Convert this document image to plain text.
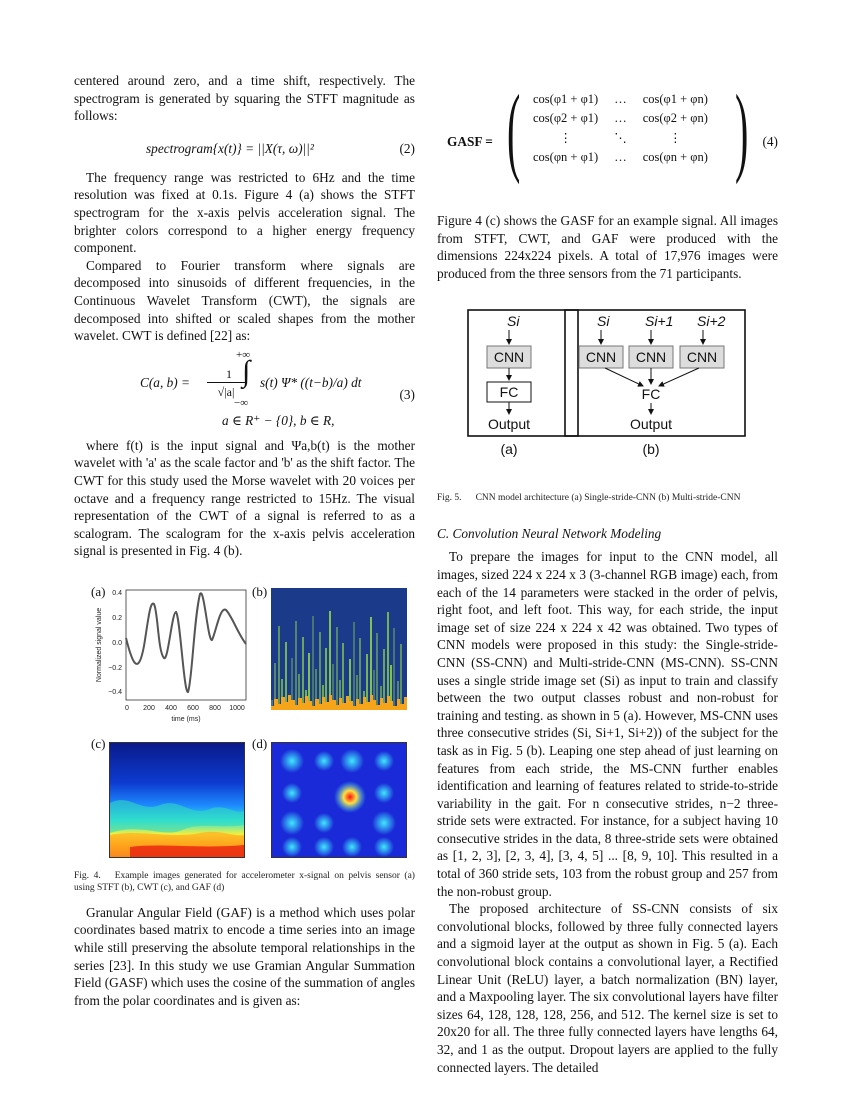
centered around zero, and a time shift, respectively. The spectrogram is generated by squaring the STFT magnitude as follows:

spectrogram{x(t)} = ||X(τ, ω)||²	(2)

The frequency range was restricted to 6Hz and the time resolution was fixed at 0.1s. Figure 4 (a) shows the STFT spectrogram for the x-axis pelvis acceleration signal. The brighter colors correspond to a higher energy frequency component.

Compared to Fourier transform where signals are decomposed into sinusoids of different frequencies, in the Continuous Wavelet Transform (CWT), the signals are decomposed into shifted or scaled shapes from the mother wavelet. CWT is defined [22] as:

C(a, b) =
1
√|a|
+∞
∫
−∞
s(t) Ψ* ((t−b)/a) dt
(3)
a ∈ R⁺ − {0}, b ∈ R,

where f(t) is the input signal and Ψa,b(t) is the mother wavelet with 'a' as the scale factor and 'b' as the shift factor. The CWT for this study used the Morse wavelet with 20 voices per octave and a frequency range restricted to 15Hz. The visual representation of the CWT of a signal is referred to as a scalogram. The scalogram for the x-axis pelvis acceleration signal is presented in Fig. 4 (b).

(a)	(b)
(c)	(d)
0.4
0.2
0.0
−0.2
−0.4
0 200 400 600 800 1000
time (ms)
Normalized signal value
Fig. 4. Example images generated for accelerometer x-signal on pelvis sensor (a) using STFT (b), CWT (c), and GAF (d)

Granular Angular Field (GAF) is a method which uses polar coordinates based matrix to encode a time series into an image while still preserving the absolute temporal relationships in the series [23]. In this study we use Gramian Angular Summation Field (GASF) which uses the cosine of the summation of angles from the polar coordinates and is given as:

GASF = ( cos(φ1 + φ1)	…	cos(φ1 + φn)
cos(φ2 + φ1)	…	cos(φ2 + φn)
⋮	⋱	⋮
cos(φn + φ1)	…	cos(φn + φn) ) (4)

Figure 4 (c) shows the GASF for an example signal. All images from STFT, CWT, and GAF were produced with the dimensions 224x224 pixels. A total of 17,976 images were produced from the three sensors from the 71 participants.

Si
CNN
FC
Output
(a)
Si	Si+1 Si+2
CNN CNN CNN
FC
Output
(b)
Fig. 5. CNN model architecture (a) Single-stride-CNN (b) Multi-stride-CNN
C. Convolution Neural Network Modeling

To prepare the images for input to the CNN model, all images, sized 224 x 224 x 3 (3-channel RGB image) each, from each of the 14 parameters were stacked in the order of pelvis, right foot, and left foot. This way, for each stride, the input image set of size 224 x 224 x 42 was obtained. Two types of CNN models were proposed in this study: the Single-stride-CNN (SS-CNN) and Multi-stride-CNN (MS-CNN). SS-CNN uses a single stride image set (Si) as input to train and classify between the two output classes robust and non-robust for training and testing. as shown in 5 (a). However, MS-CNN uses three consecutive strides (Si, Si+1, Si+2)) of the subject for the task as in Fig. 5 (b). Leaping one step ahead of just learning on features from each stride, the MS-CNN further enables identification and learning of features related to stride-to-stride variability in the gait. For n consecutive strides, n−2 three-stride sets were extracted. For instance, for a subject having 10 consecutive strides in the data, 8 three-stride sets were obtained as [1, 2, 3], [2, 3, 4], [3, 4, 5] ... [8, 9, 10]. This resulted in a total of 360 stride sets, 103 from the robust group and 257 from the non-robust group.

The proposed architecture of SS-CNN consists of six convolutional blocks, followed by three fully connected layers and a sigmoid layer at the output as shown in Fig. 5 (a). Each convolutional block contains a convolutional layer, a Rectified Linear Unit (ReLU) layer, a batch normalization (BN) layer, and a Maxpooling layer. The six convolutional layers have filter sizes 64, 128, 128, 128, 256, and 512. The kernel size is set to 20x20 for all. The three fully connected layers have lengths 64, 32, and 1 as the output. Dropout layers are applied to the fully connected layers. The detailed
